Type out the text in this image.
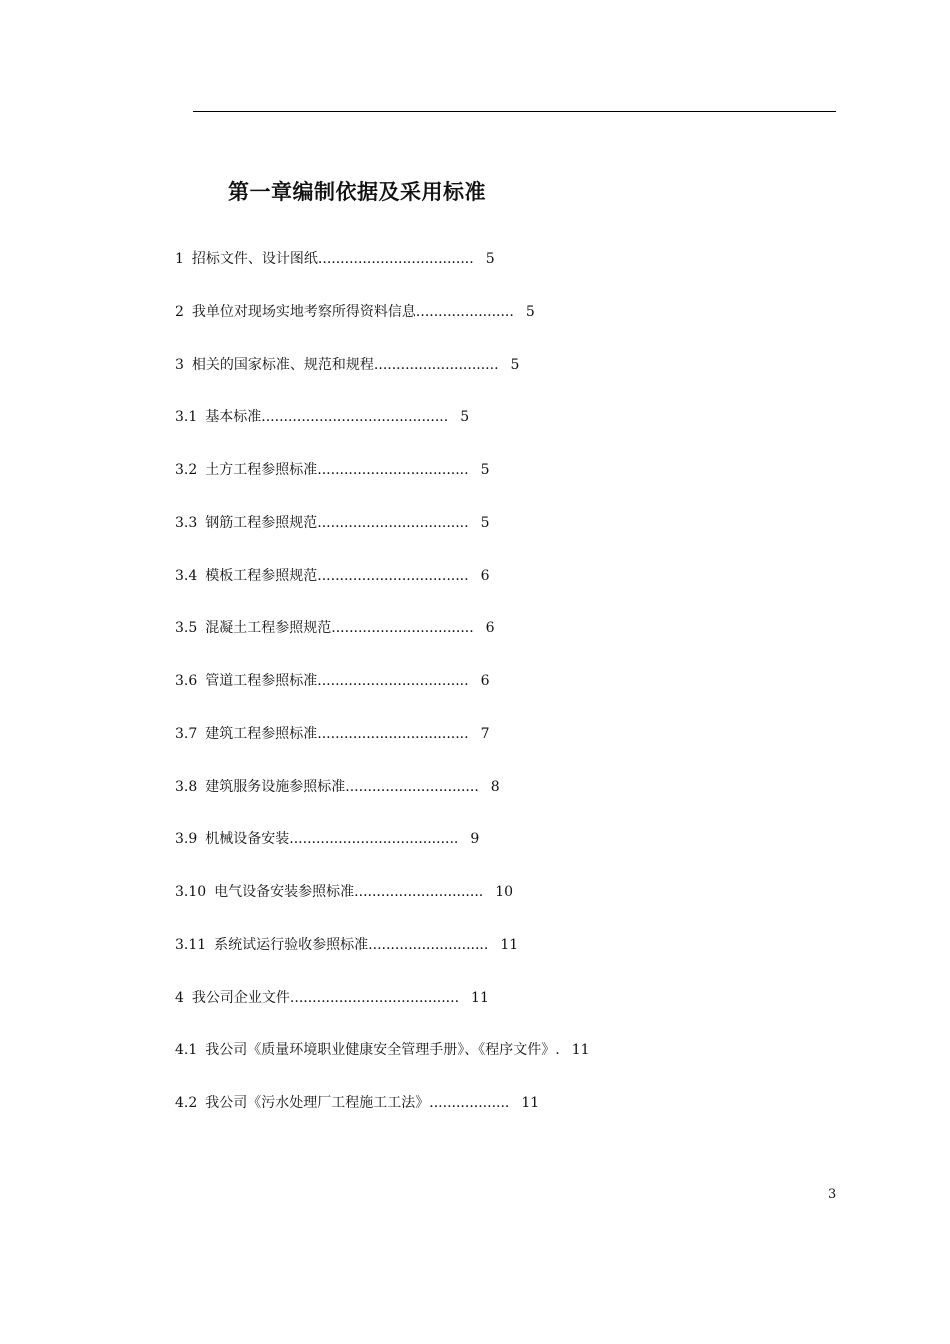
第一章编制依据及采用标准
1 招标文件、设计图纸................................... 5
2 我单位对现场实地考察所得资料信息...................... 5
3 相关的国家标准、规范和规程............................ 5
3.1 基本标准.......................................... 5
3.2 土方工程参照标准.................................. 5
3.3 钢筋工程参照规范.................................. 5
3.4 模板工程参照规范.................................. 6
3.5 混凝土工程参照规范................................ 6
3.6 管道工程参照标准.................................. 6
3.7 建筑工程参照标准.................................. 7
3.8 建筑服务设施参照标准.............................. 8
3.9 机械设备安装...................................... 9
3.10 电气设备安装参照标准............................. 10
3.11 系统试运行验收参照标准........................... 11
4 我公司企业文件...................................... 11
4.1 我公司《质量环境职业健康安全管理手册》、《程序文件》. 11
4.2 我公司《污水处理厂工程施工工法》.................. 11
3
